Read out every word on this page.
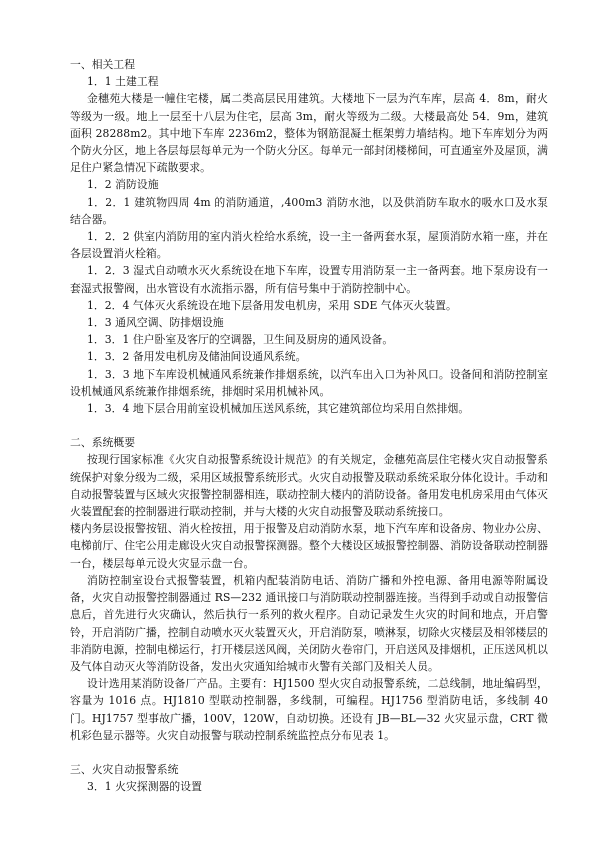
一、相关工程
1．1 土建工程

金穗苑大楼是一幢住宅楼，属二类高层民用建筑。大楼地下一层为汽车库，层高 4．8m，耐火等级为一级。地上一层至十八层为住宅，层高 3m，耐火等级为二级。大楼最高处 54．9m，建筑面积 28288m2。其中地下车库 2236m2，整体为钢筋混凝土框架剪力墙结构。地下车库划分为两个防火分区，地上各层每层每单元为一个防火分区。每单元一部封闭楼梯间，可直通室外及屋顶，满足住户紧急情况下疏散要求。

1．2 消防设施

1．2．1 建筑物四周 4m 的消防通道，,400m3 消防水池，以及供消防车取水的吸水口及水泵结合器。

1．2．2 供室内消防用的室内消火栓给水系统，设一主一备两套水泵，屋顶消防水箱一座，并在各层设置消火栓箱。

1．2．3 湿式自动喷水灭火系统设在地下车库，设置专用消防泵一主一备两套。地下泵房设有一套湿式报警阀，出水管设有水流指示器，所有信号集中于消防控制中心。

1．2．4 气体灭火系统设在地下层备用发电机房，采用 SDE 气体灭火装置。

1．3 通风空调、防排烟设施

1．3．1 住户卧室及客厅的空调器，卫生间及厨房的通风设备。

1．3．2 备用发电机房及储油间设通风系统。

1．3．3 地下车库设机械通风系统兼作排烟系统，以汽车出入口为补风口。设备间和消防控制室设机械通风系统兼作排烟系统，排烟时采用机械补风。

1．3．4 地下层合用前室设机械加压送风系统，其它建筑部位均采用自然排烟。

二、系统概要

按现行国家标准《火灾自动报警系统设计规范》的有关规定，金穗苑高层住宅楼火灾自动报警系统保护对象分级为二级，采用区域报警系统形式。火灾自动报警及联动系统采取分体化设计。手动和自动报警装置与区域火灾报警控制器相连，联动控制大楼内的消防设备。备用发电机房采用由气体灭火装置配套的控制器进行联动控制，并与大楼的火灾自动报警及联动系统接口。

楼内务层设报警按钮、消火栓按扭，用于报警及启动消防水泵，地下汽车库和设备房、物业办公房、电梯前厅、住宅公用走廊设火灾自动报警探测器。整个大楼设区域报警控制器、消防设备联动控制器一台，楼层每单元设火灾显示盘一台。

消防控制室设台式报警装置，机箱内配装消防电话、消防广播和外控电源、备用电源等附属设备，火灾自动报警控制器通过 RS—232 通讯接口与消防联动控制器连接。当得到手动或自动报警信息后，首先进行火灾确认，然后执行一系列的救火程序。自动记录发生火灾的时间和地点，开启警铃，开启消防广播，控制自动喷水灭火装置灭火，开启消防泵，喷淋泵，切除火灾楼层及相邻楼层的非消防电源，控制电梯运行，打开楼层送风阀，关闭防火卷帘门，开启送风及排烟机，正压送风机以及气体自动灭火等消防设备，发出火灾通知给城市火警有关部门及相关人员。

设计选用某消防设备厂产品。主要有：HJ1500 型火灾自动报警系统，二总线制，地址编码型，容量为 1016 点。HJ1810 型联动控制器，多线制，可编程。HJ1756 型消防电话，多线制 40 门。HJ1757 型事故广播，100V，120W，自动切换。还设有 JB—BL—32 火灾显示盘，CRT 微机彩色显示器等。火灾自动报警与联动控制系统监控点分布见表 1。

三、火灾自动报警系统
3．1 火灾探测器的设置
